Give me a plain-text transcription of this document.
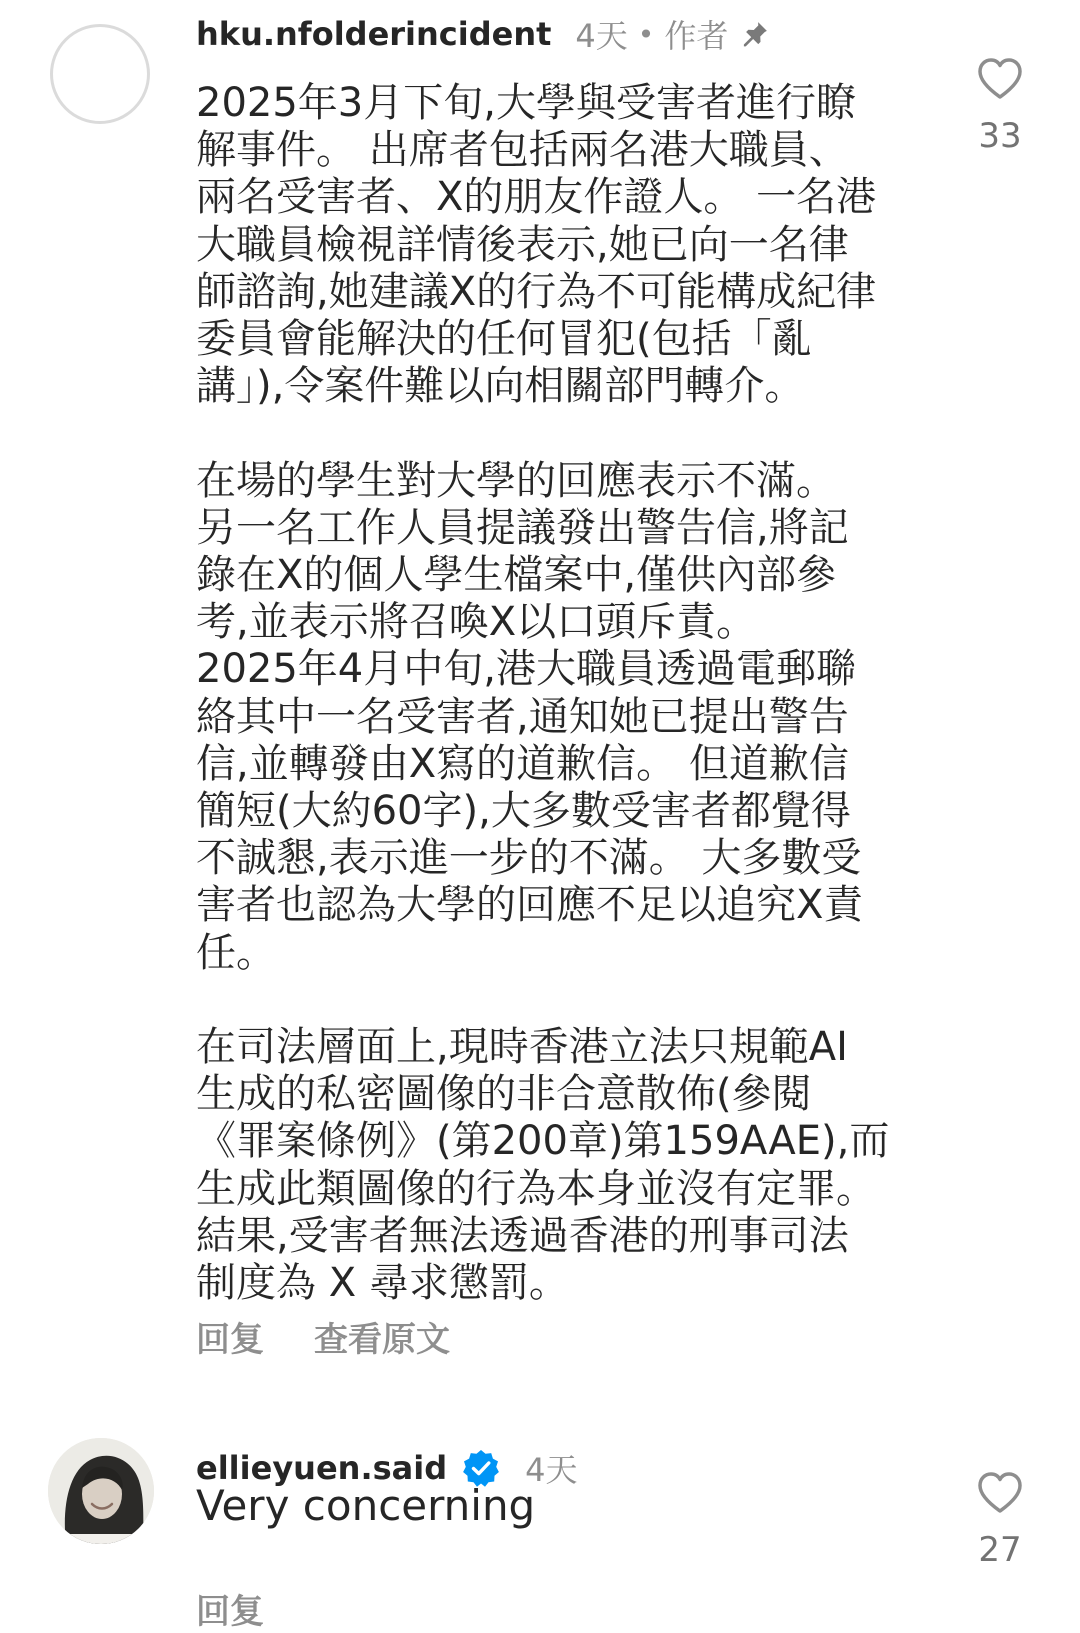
hku.nfolderincident 4天 • 作者

2025年3月下旬,大學與受害者進行瞭
解事件。 出席者包括兩名港大職員、
兩名受害者、X的朋友作證人。 一名港
大職員檢視詳情後表示,她已向一名律
師諮詢,她建議X的行為不可能構成紀律
委員會能解決的任何冒犯(包括「亂
講」),令案件難以向相關部門轉介。

在場的學生對大學的回應表示不滿。
另一名工作人員提議發出警告信,將記
錄在X的個人學生檔案中,僅供內部參
考,並表示將召喚X以口頭斥責。
2025年4月中旬,港大職員透過電郵聯
絡其中一名受害者,通知她已提出警告
信,並轉發由X寫的道歉信。 但道歉信
簡短(大約60字),大多數受害者都覺得
不誠懇,表示進一步的不滿。 大多數受
害者也認為大學的回應不足以追究X責
任。

在司法層面上,現時香港立法只規範AI
生成的私密圖像的非合意散佈(參閱
《罪案條例》(第200章)第159AAE),而
生成此類圖像的行為本身並沒有定罪。
結果,受害者無法透過香港的刑事司法
制度為 X 尋求懲罰。

回复 查看原文
33
ellieyuen.said 4天

Very concerning

回复
27
